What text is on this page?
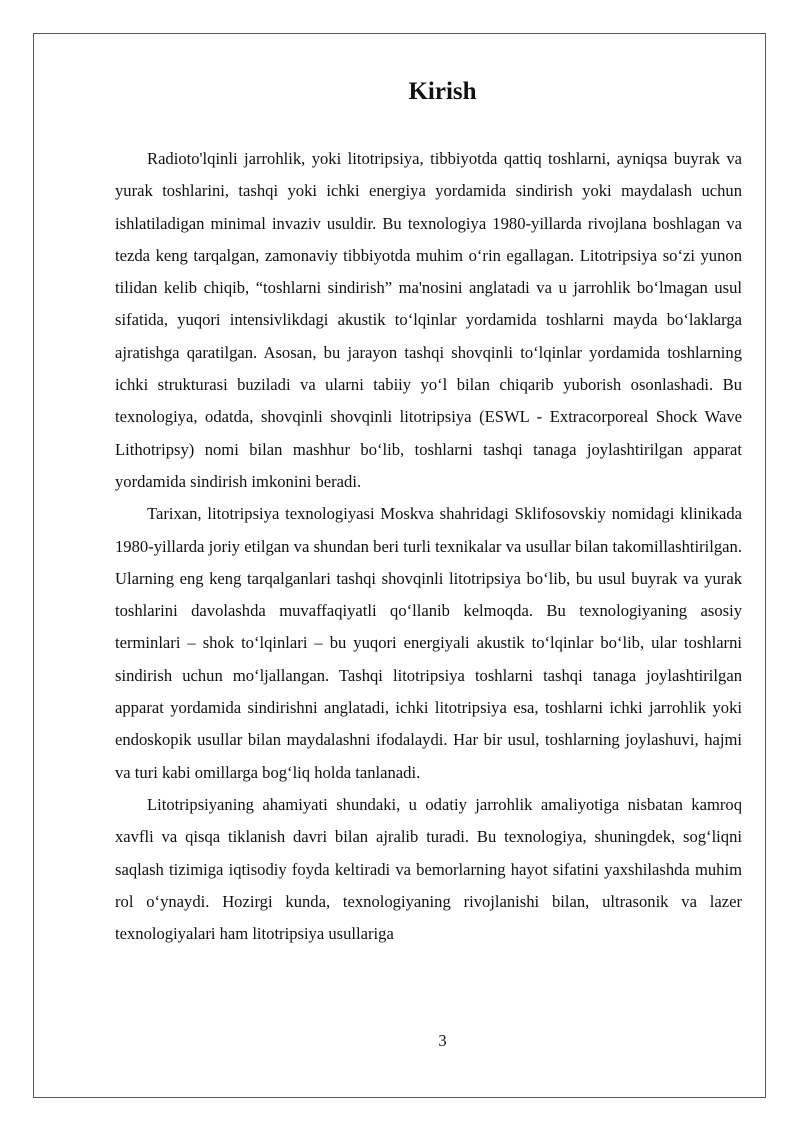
Kirish

Radioto'lqinli jarrohlik, yoki litotripsiya, tibbiyotda qattiq toshlarni, ayniqsa buyrak va yurak toshlarini, tashqi yoki ichki energiya yordamida sindirish yoki maydalash uchun ishlatiladigan minimal invaziv usuldir. Bu texnologiya 1980-yillarda rivojlana boshlagan va tezda keng tarqalgan, zamonaviy tibbiyotda muhim o‘rin egallagan. Litotripsiya so‘zi yunon tilidan kelib chiqib, “toshlarni sindirish” ma'nosini anglatadi va u jarrohlik bo‘lmagan usul sifatida, yuqori intensivlikdagi akustik to‘lqinlar yordamida toshlarni mayda bo‘laklarga ajratishga qaratilgan. Asosan, bu jarayon tashqi shovqinli to‘lqinlar yordamida toshlarning ichki strukturasi buziladi va ularni tabiiy yo‘l bilan chiqarib yuborish osonlashadi. Bu texnologiya, odatda, shovqinli shovqinli litotripsiya (ESWL - Extracorporeal Shock Wave Lithotripsy) nomi bilan mashhur bo‘lib, toshlarni tashqi tanaga joylashtirilgan apparat yordamida sindirish imkonini beradi.

Tarixan, litotripsiya texnologiyasi Moskva shahridagi Sklifosovskiy nomidagi klinikada 1980-yillarda joriy etilgan va shundan beri turli texnikalar va usullar bilan takomillashtirilgan. Ularning eng keng tarqalganlari tashqi shovqinli litotripsiya bo‘lib, bu usul buyrak va yurak toshlarini davolashda muvaffaqiyatli qo‘llanib kelmoqda. Bu texnologiyaning asosiy terminlari – shok to‘lqinlari – bu yuqori energiyali akustik to‘lqinlar bo‘lib, ular toshlarni sindirish uchun mo‘ljallangan. Tashqi litotripsiya toshlarni tashqi tanaga joylashtirilgan apparat yordamida sindirishni anglatadi, ichki litotripsiya esa, toshlarni ichki jarrohlik yoki endoskopik usullar bilan maydalashni ifodalaydi. Har bir usul, toshlarning joylashuvi, hajmi va turi kabi omillarga bog‘liq holda tanlanadi.

Litotripsiyaning ahamiyati shundaki, u odatiy jarrohlik amaliyotiga nisbatan kamroq xavfli va qisqa tiklanish davri bilan ajralib turadi. Bu texnologiya, shuningdek, sog‘liqni saqlash tizimiga iqtisodiy foyda keltiradi va bemorlarning hayot sifatini yaxshilashda muhim rol o‘ynaydi. Hozirgi kunda, texnologiyaning rivojlanishi bilan, ultrasonik va lazer texnologiyalari ham litotripsiya usullariga

3
